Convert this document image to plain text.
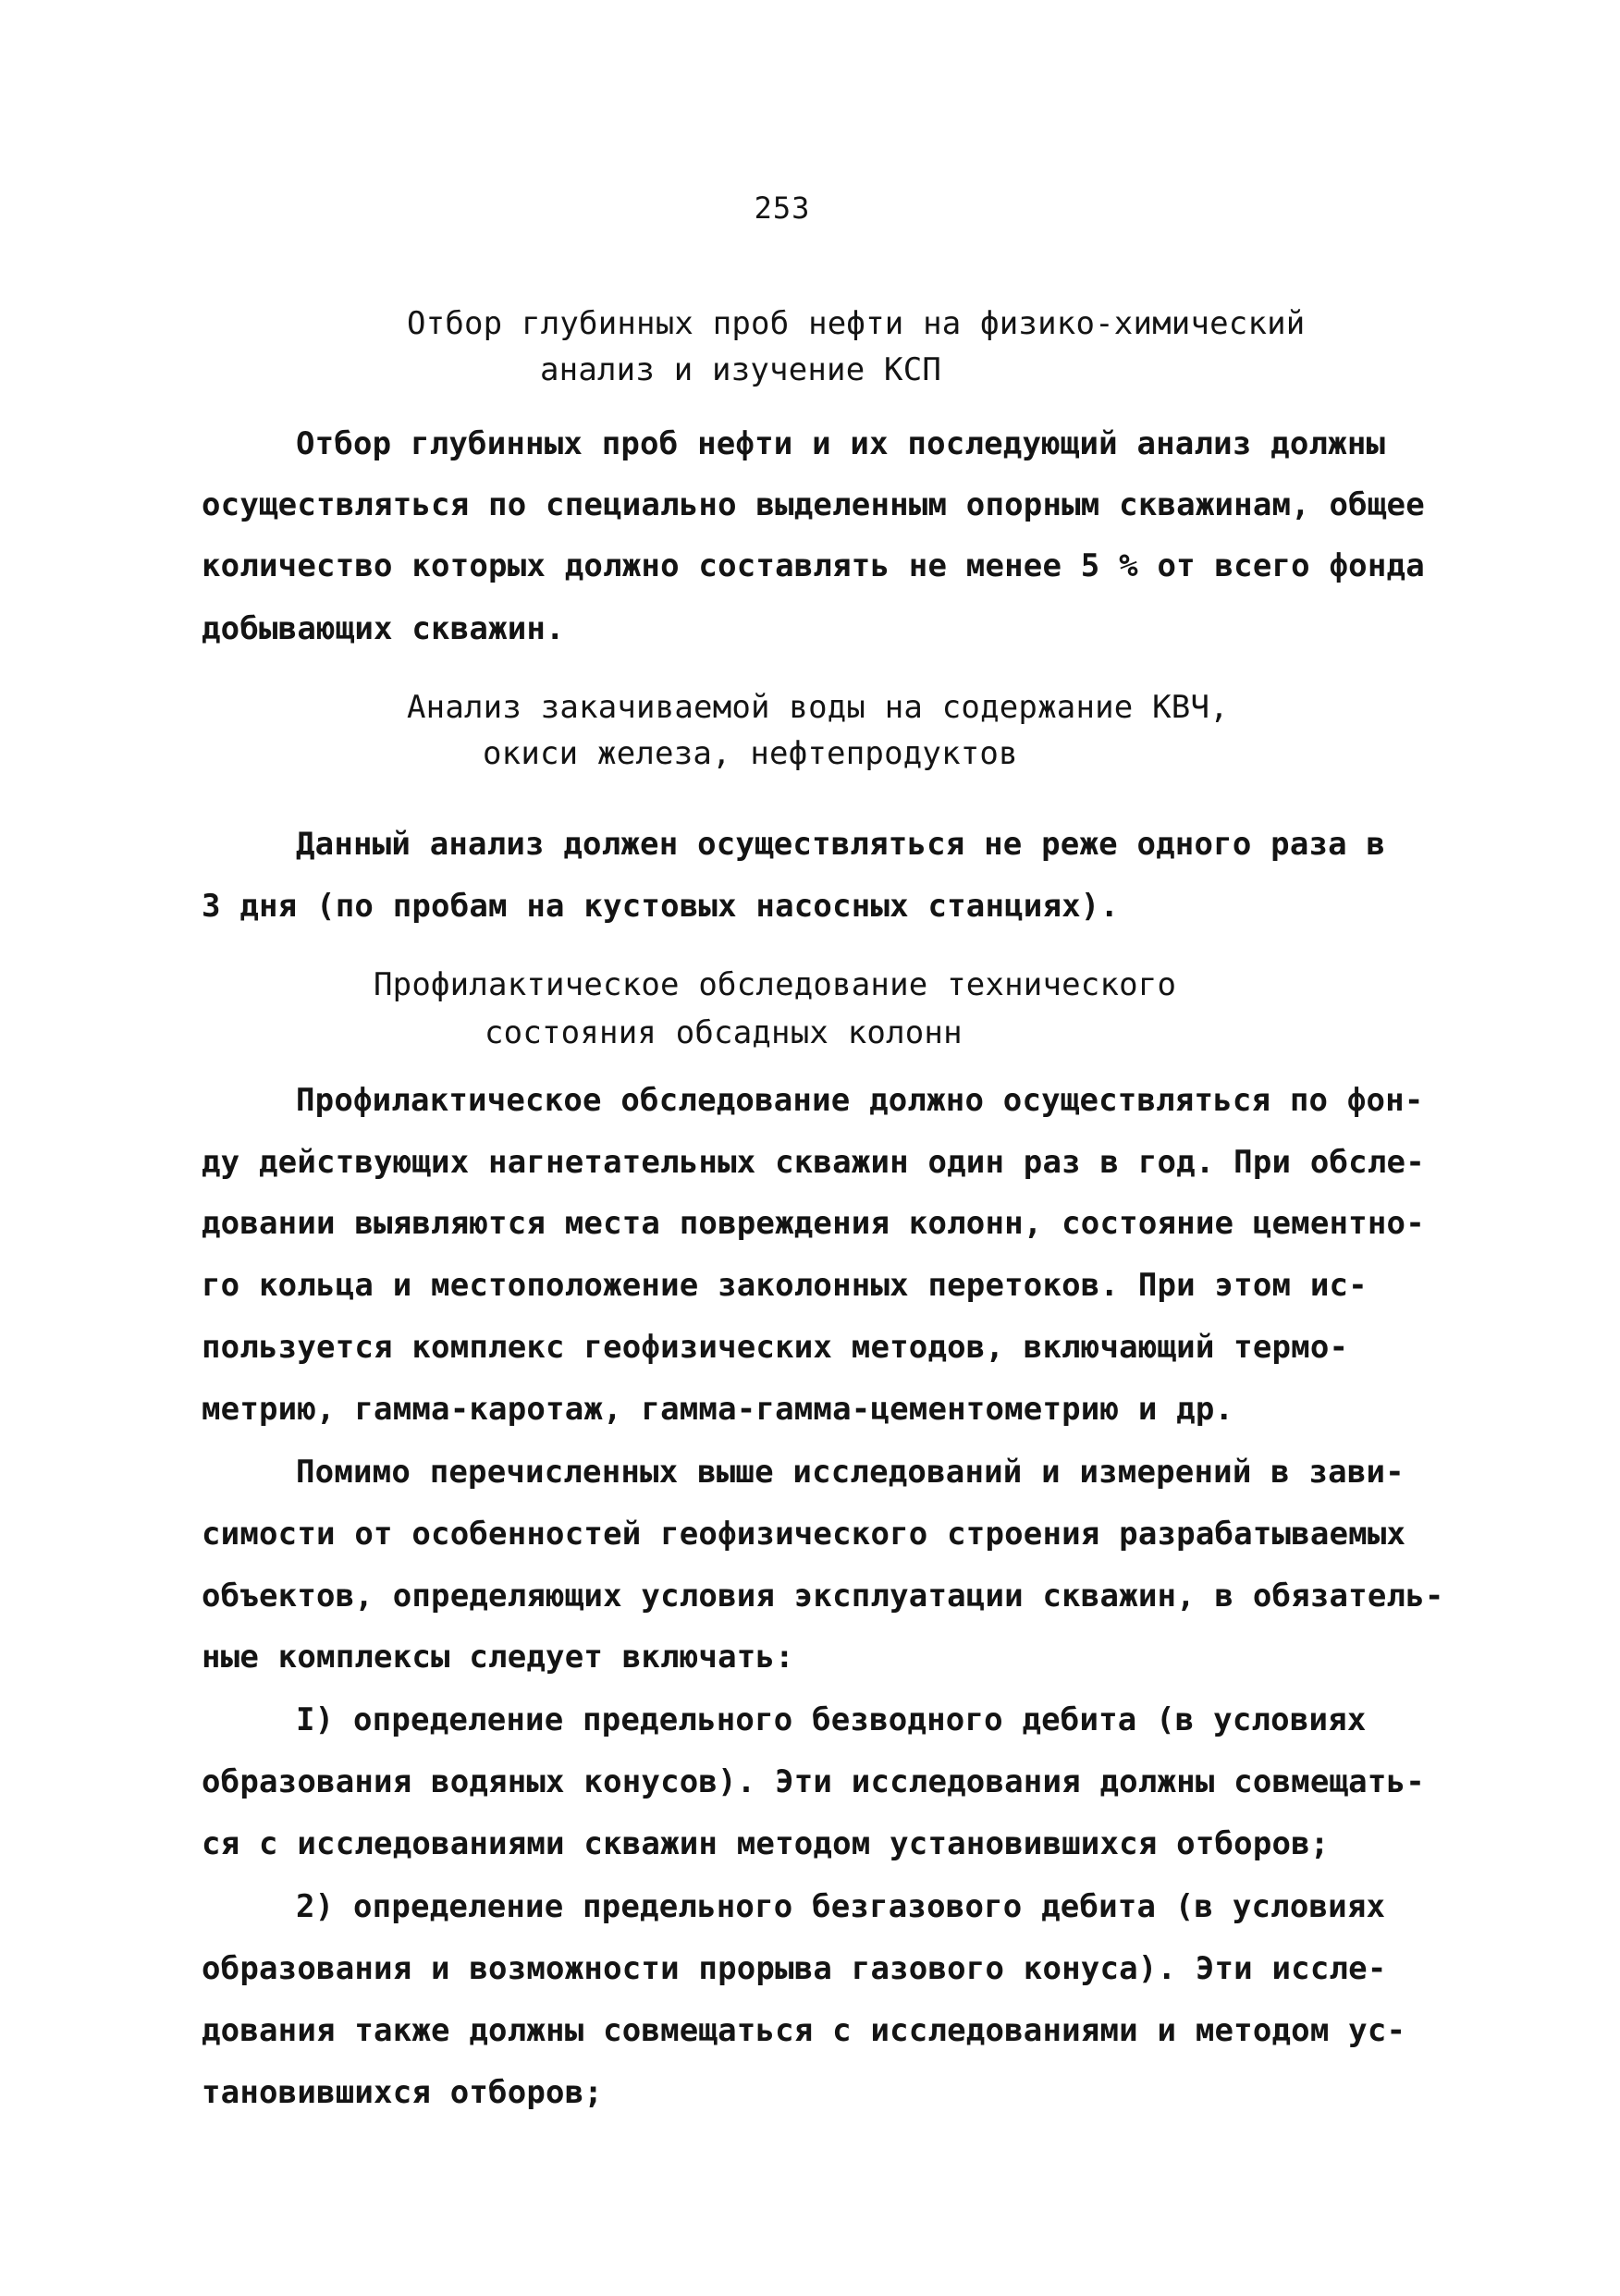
253
Отбор глубинных проб нефти на физико-химический
анализ и изучение КСП
Отбор глубинных проб нефти и их последующий анализ должны
осуществляться по специально выделенным опорным скважинам, общее
количество которых должно составлять не менее 5 % от всего фонда
добывающих скважин.
Анализ закачиваемой воды на содержание КВЧ,
окиси железа, нефтепродуктов
Данный анализ должен осуществляться не реже одного раза в
3 дня (по пробам на кустовых насосных станциях).
Профилактическое обследование технического
состояния обсадных колонн
Профилактическое обследование должно осуществляться по фон-
ду действующих нагнетательных скважин один раз в год. При обсле-
довании выявляются места повреждения колонн, состояние цементно-
го кольца и местоположение заколонных перетоков. При этом ис-
пользуется комплекс геофизических методов, включающий термо-
метрию, гамма-каротаж, гамма-гамма-цементометрию и др.
Помимо перечисленных выше исследований и измерений в зави-
симости от особенностей геофизического строения разрабатываемых
объектов, определяющих условия эксплуатации скважин, в обязатель-
ные комплексы следует включать:
I) определение предельного безводного дебита (в условиях
образования водяных конусов). Эти исследования должны совмещать-
ся с исследованиями скважин методом установившихся отборов;
2) определение предельного безгазового дебита (в условиях
образования и возможности прорыва газового конуса). Эти иссле-
дования также должны совмещаться с исследованиями и методом ус-
тановившихся отборов;
